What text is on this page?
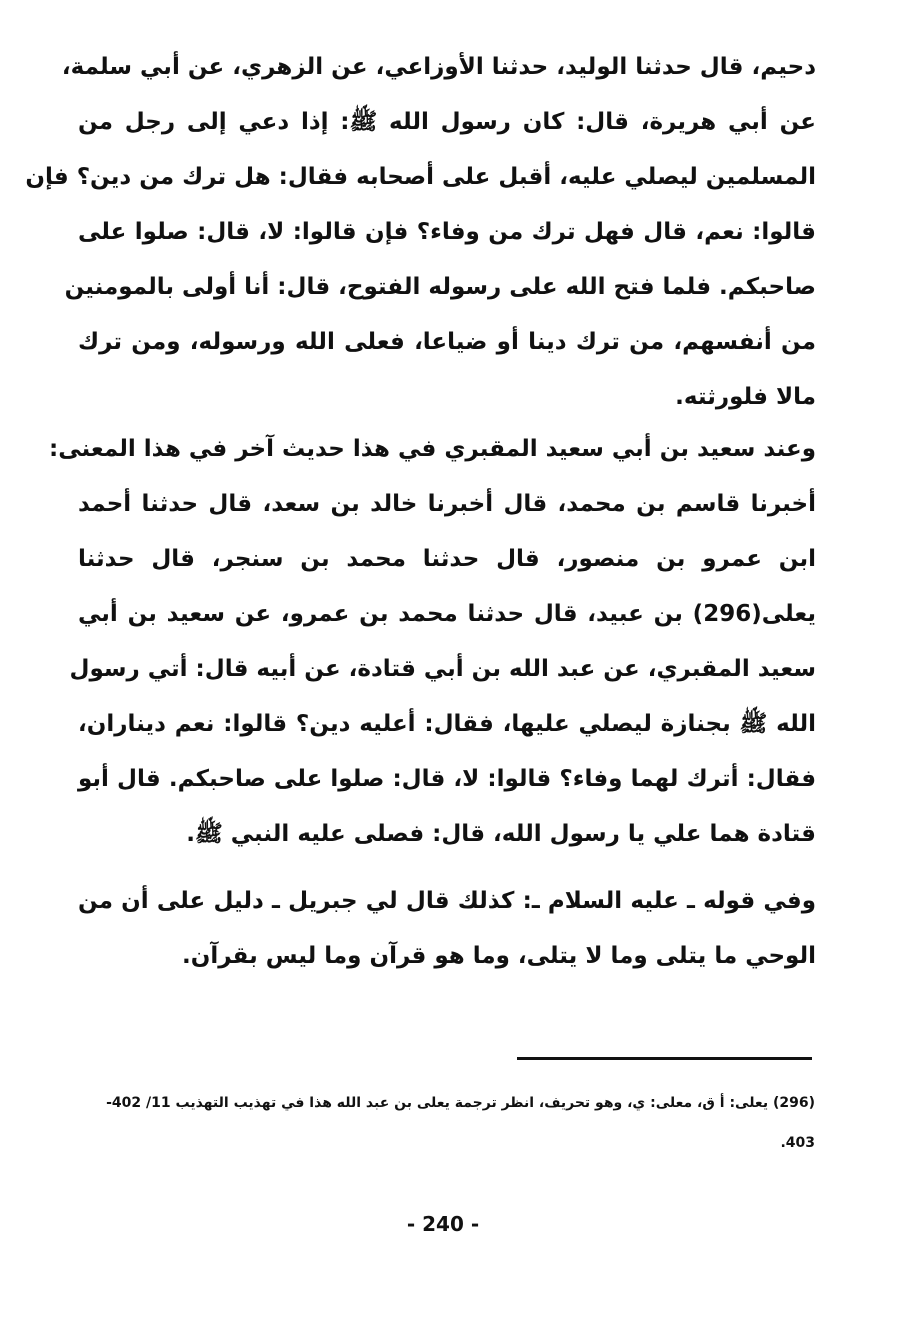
دحيم، قال حدثنا الوليد، حدثنا الأوزاعي، عن الزهري، عن أبي سلمة،
عن أبي هريرة، قال: كان رسول الله ﷺ: إذا دعي إلى رجل من
المسلمين ليصلي عليه، أقبل على أصحابه فقال: هل ترك من دين؟ فإن
قالوا: نعم، قال فهل ترك من وفاء؟ فإن قالوا: لا، قال: صلوا على
صاحبكم. فلما فتح الله على رسوله الفتوح، قال: أنا أولى بالمومنين
من أنفسهم، من ترك دينا أو ضياعا، فعلى الله ورسوله، ومن ترك
مالا فلورثته.
وعند سعيد بن أبي سعيد المقبري في هذا حديث آخر في هذا المعنى:
أخبرنا قاسم بن محمد، قال أخبرنا خالد بن سعد، قال حدثنا أحمد
ابن عمرو بن منصور، قال حدثنا محمد بن سنجر، قال حدثنا
يعلى(296) بن عبيد، قال حدثنا محمد بن عمرو، عن سعيد بن أبي
سعيد المقبري، عن عبد الله بن أبي قتادة، عن أبيه قال: أتي رسول
الله ﷺ بجنازة ليصلي عليها، فقال: أعليه دين؟ قالوا: نعم ديناران،
فقال: أترك لهما وفاء؟ قالوا: لا، قال: صلوا على صاحبكم. قال أبو
قتادة هما علي يا رسول الله، قال: فصلى عليه النبي ﷺ.
وفي قوله ـ عليه السلام ـ: كذلك قال لي جبريل ـ دليل على أن من
الوحي ما يتلى وما لا يتلى، وما هو قرآن وما ليس بقرآن.
(296) يعلى: أ ق، معلى: ي، وهو تحريف، انظر ترجمة يعلى بن عبد الله هذا في تهذيب التهذيب 11/ 402-
403.
- 240 -
